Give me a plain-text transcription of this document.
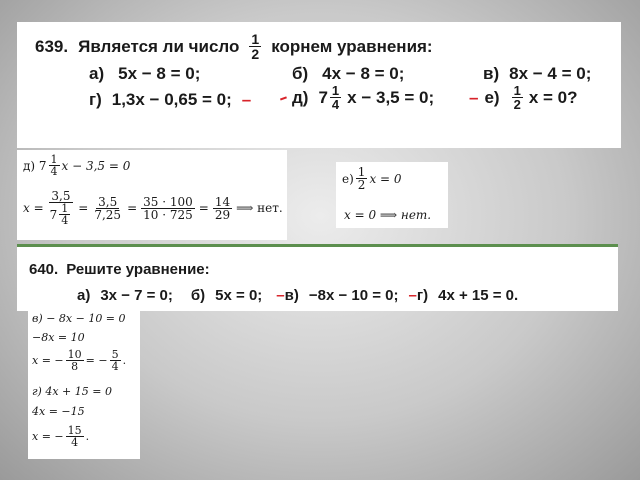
639. Является ли число $\frac{1}{2}$ корнем уравнения:
а) 5x − 8 = 0;	б) 4x − 8 = 0;	в) 8x − 4 = 0;
г) 1,3x − 0,65 = 0; – д) $7 \frac{1}{4}$ x − 3,5 = 0; – $е) \frac{1}{2}$ x = 0?
–
д) $7 \frac{1}{4}$ x − 3,5 = 0
$x = \frac{3,5}{7 \frac{1}{4}} = \frac{3,5}{7,25} = \frac{35 \cdot 100}{10 \cdot 725} = \frac{14}{29}$ ⟹ нет.
$е) \frac{1}{2}$ x = 0
x = 0 ⟹ нет.
640. Решите уравнение:
а) 3x − 7 = 0; б) 5x = 0; – в) −8x − 10 = 0; – г) 4x + 15 = 0.
в) − 8x − 10 = 0
−8x = 10
x = − $\frac{10}{8}$ = − $\frac{5}{4}$ .
г) 4x + 15 = 0
4x = −15
x = − $\frac{15}{4}$ .
